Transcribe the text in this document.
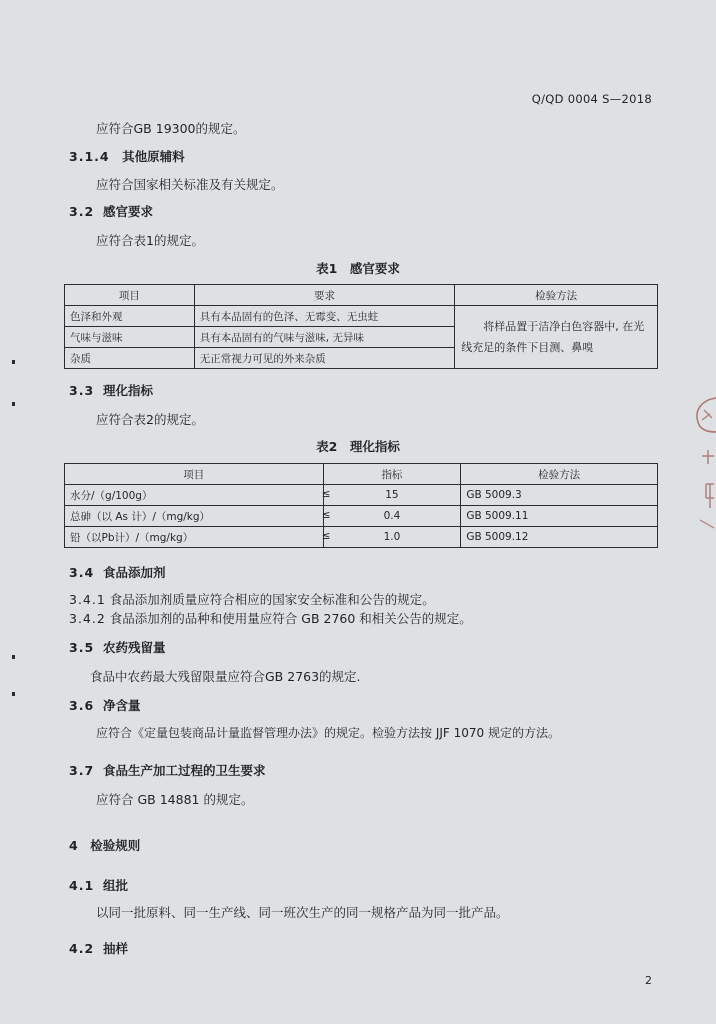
Q/QD 0004 S—2018
应符合GB 19300的规定。
3.1.4　 其他原辅料
应符合国家相关标准及有关规定。
3.2 感官要求
应符合表1的规定。
表1　感官要求
项目	要求	检验方法
色泽和外观	具有本品固有的色泽、无霉变、无虫蛀	将样品置于洁净白色容器中, 在光线充足的条件下目测、鼻嗅
气味与滋味	具有本品固有的气味与滋味, 无异味	
杂质	无正常视力可见的外来杂质	
3.3 理化指标
应符合表2的规定。
表2　理化指标
项目	指标	检验方法
水分/（g/100g） ≤	15	GB 5009.3
总砷（以 As 计）/（mg/kg） ≤	0.4	GB 5009.11
铅（以Pb计）/（mg/kg） ≤	1.0	GB 5009.12
3.4 食品添加剂
3.4.1 食品添加剂质量应符合相应的国家安全标准和公告的规定。
3.4.2 食品添加剂的品种和使用量应符合 GB 2760 和相关公告的规定。
3.5 农药残留量
食品中农药最大残留限量应符合GB 2763的规定.
3.6 净含量
应符合《定量包装商品计量监督管理办法》的规定。检验方法按 JJF 1070 规定的方法。
3.7 食品生产加工过程的卫生要求
应符合 GB 14881 的规定。
4　 检验规则
4.1 组批
以同一批原料、同一生产线、同一班次生产的同一规格产品为同一批产品。
4.2 抽样
2
